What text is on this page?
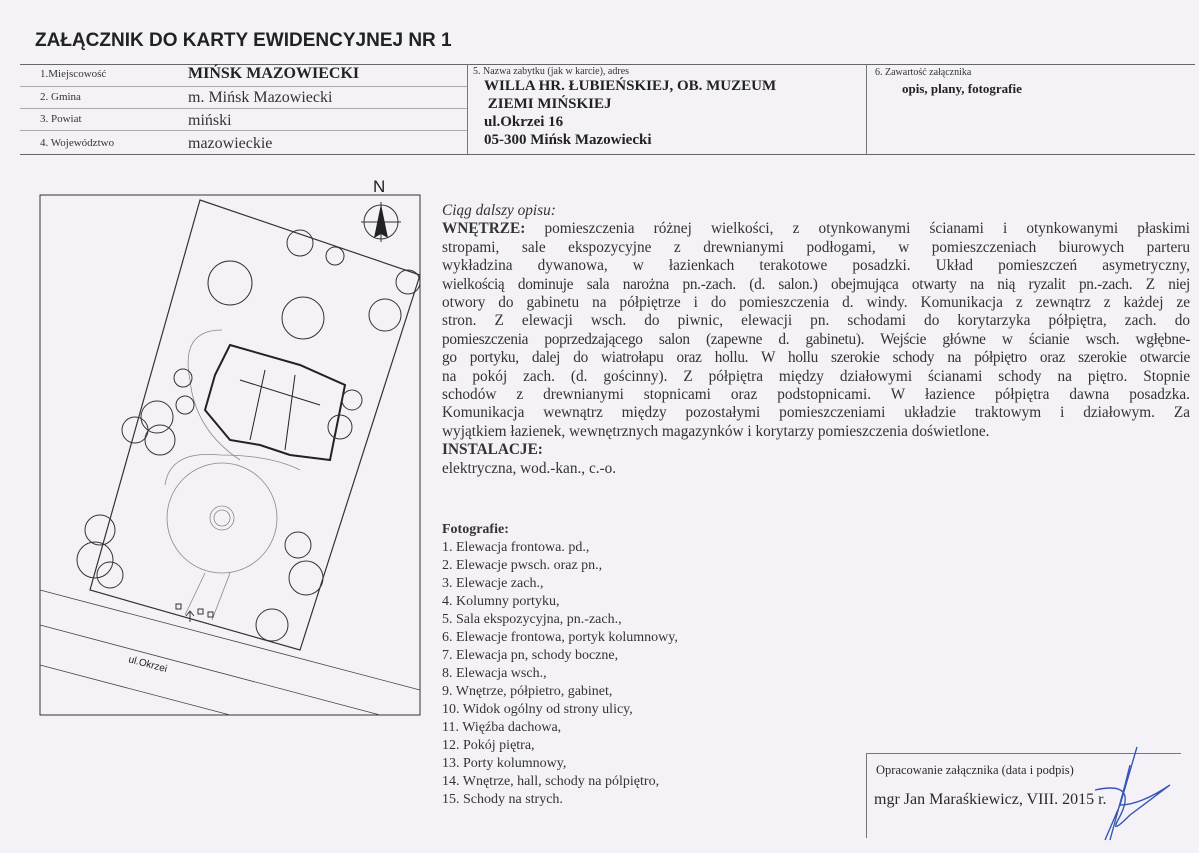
ZAŁĄCZNIK DO KARTY EWIDENCYJNEJ NR 1
1.Miejscowość	MIŃSK MAZOWIECKI
2. Gmina	m. Mińsk Mazowiecki
3. Powiat	miński
4. Województwo	mazowieckie
5. Nazwa zabytku (jak w karcie), adres
WILLA HR. ŁUBIEŃSKIEJ, OB. MUZEUM
ZIEMI MIŃSKIEJ
ul.Okrzei 16
05-300 Mińsk Mazowiecki
6. Zawartość załącznika
opis, plany, fotografie
N
ul.Okrzei
Ciąg dalszy opisu:
WNĘTRZE: pomieszczenia różnej wielkości, z otynkowanymi ścianami i otynkowanymi płaskimi
stropami, sale ekspozycyjne z drewnianymi podłogami, w pomieszczeniach biurowych parteru
wykładzina dywanowa, w łazienkach terakotowe posadzki. Układ pomieszczeń asymetryczny,
wielkością dominuje sala narożna pn.-zach. (d. salon.) obejmująca otwarty na nią ryzalit pn.-zach. Z niej
otwory do gabinetu na półpiętrze i do pomieszczenia d. windy. Komunikacja z zewnątrz z każdej ze
stron. Z elewacji wsch. do piwnic, elewacji pn. schodami do korytarzyka półpiętra, zach. do
pomieszczenia poprzedzającego salon (zapewne d. gabinetu). Wejście główne w ścianie wsch. wgłębne-
go portyku, dalej do wiatrołapu oraz hollu. W hollu szerokie schody na półpiętro oraz szerokie otwarcie
na pokój zach. (d. gościnny). Z półpiętra między działowymi ścianami schody na piętro. Stopnie
schodów z drewnianymi stopnicami oraz podstopnicami. W łazience półpiętra dawna posadzka.
Komunikacja wewnątrz między pozostałymi pomieszczeniami układzie traktowym i działowym. Za
wyjątkiem łazienek, wewnętrznych magazynków i korytarzy pomieszczenia doświetlone.
INSTALACJE:
elektryczna, wod.-kan., c.-o.
Fotografie:
1. Elewacja frontowa. pd.,
2. Elewacje pwsch. oraz pn.,
3. Elewacje zach.,
4. Kolumny portyku,
5. Sala ekspozycyjna, pn.-zach.,
6. Elewacje frontowa, portyk kolumnowy,
7. Elewacja pn, schody boczne,
8. Elewacja wsch.,
9. Wnętrze, półpietro, gabinet,
10. Widok ogólny od strony ulicy,
11. Więźba dachowa,
12. Pokój piętra,
13. Porty kolumnowy,
14. Wnętrze, hall, schody na pólpiętro,
15. Schody na strych.
Opracowanie załącznika (data i podpis)
mgr Jan Maraśkiewicz, VIII. 2015 r.
